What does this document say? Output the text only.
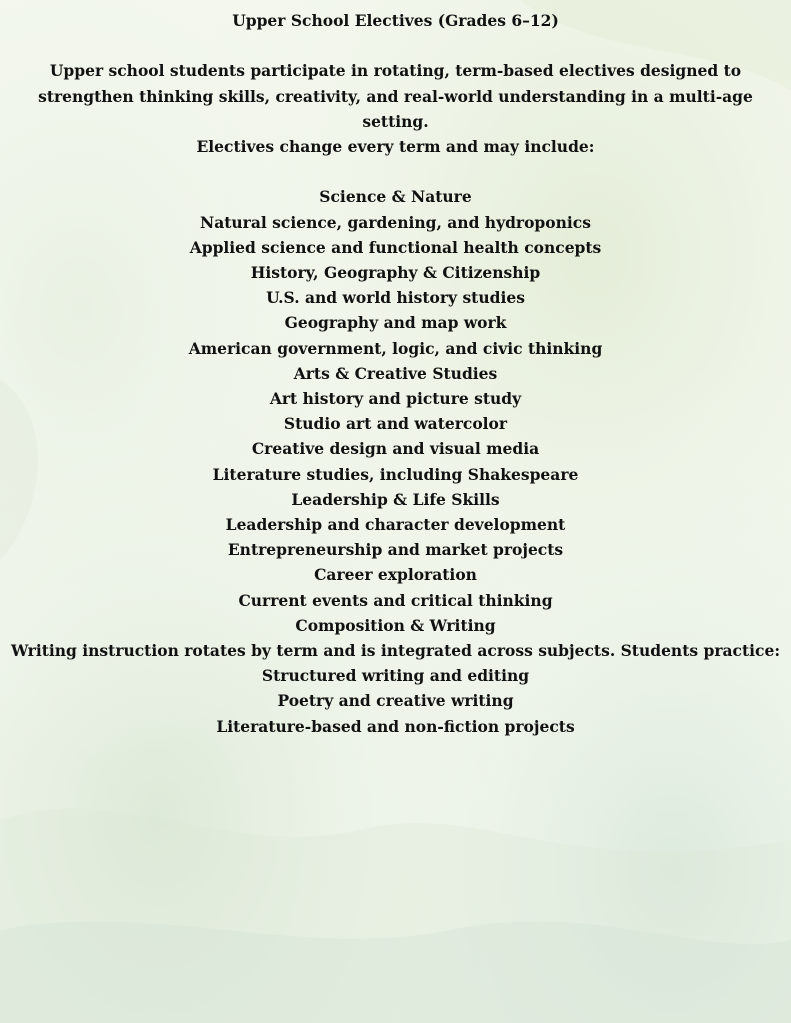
Upper School Electives (Grades 6–12)

Upper school students participate in rotating, term-based electives designed to strengthen thinking skills, creativity, and real-world understanding in a multi-age setting.

Electives change every term and may include:

Science & Nature

Natural science, gardening, and hydroponics

Applied science and functional health concepts

History, Geography & Citizenship

U.S. and world history studies

Geography and map work

American government, logic, and civic thinking

Arts & Creative Studies

Art history and picture study

Studio art and watercolor

Creative design and visual media

Literature studies, including Shakespeare

Leadership & Life Skills

Leadership and character development

Entrepreneurship and market projects

Career exploration

Current events and critical thinking

Composition & Writing

Writing instruction rotates by term and is integrated across subjects. Students practice:

Structured writing and editing

Poetry and creative writing

Literature-based and non-fiction projects
